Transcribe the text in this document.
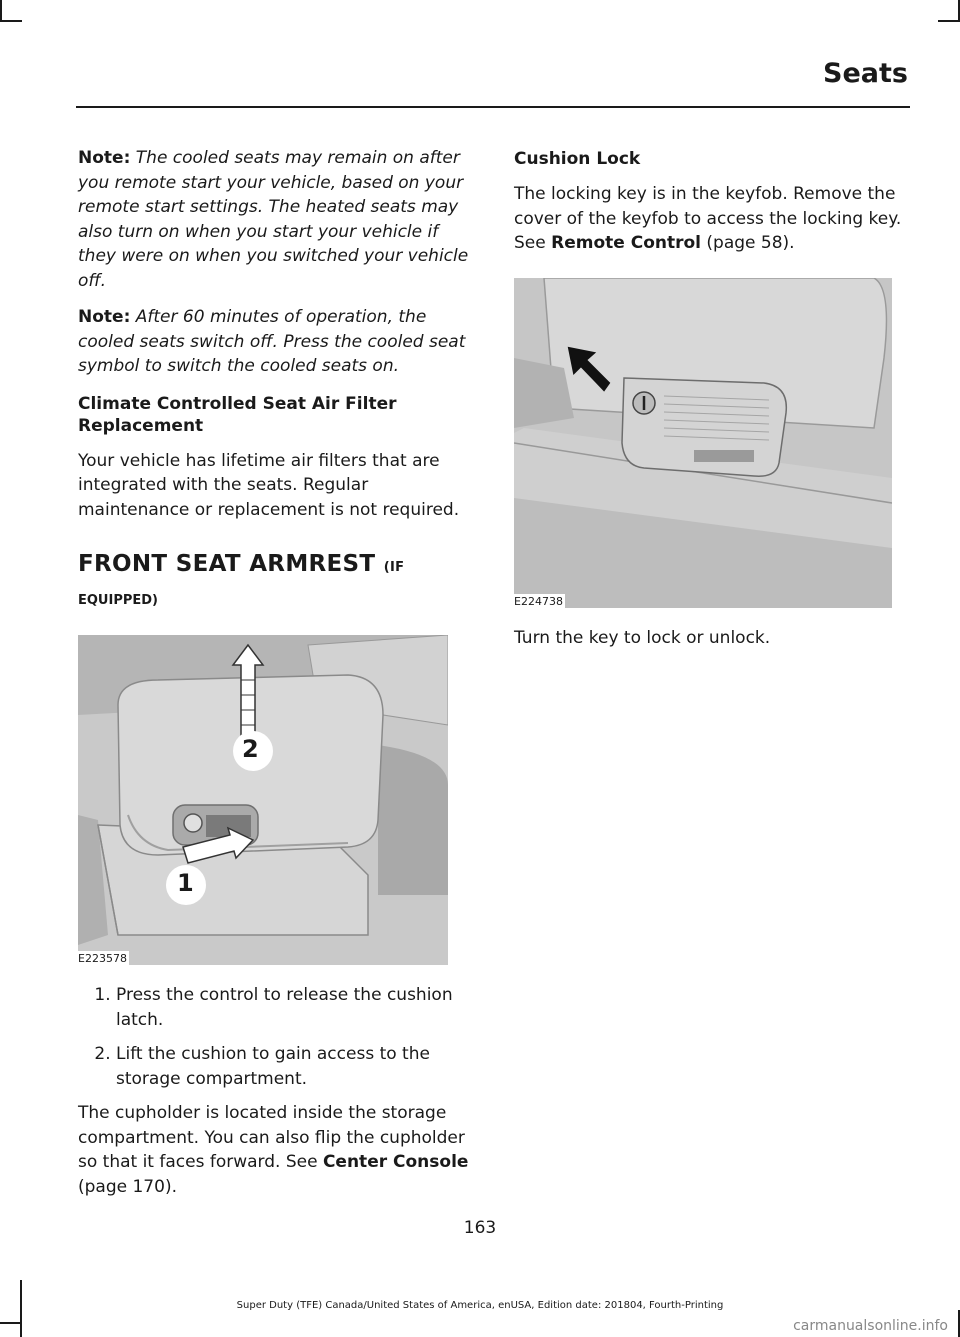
Seats

Note: The cooled seats may remain on after you remote start your vehicle, based on your remote start settings. The heated seats may also turn on when you start your vehicle if they were on when you switched your vehicle off.

Note: After 60 minutes of operation, the cooled seats switch off. Press the cooled seat symbol to switch the cooled seats on.

Climate Controlled Seat Air Filter Replacement

Your vehicle has lifetime air filters that are integrated with the seats. Regular maintenance or replacement is not required.

FRONT SEAT ARMREST (IF
EQUIPPED)
2
1
E223578
1. Press the control to release the cushion latch.
2. Lift the cushion to gain access to the storage compartment.

The cupholder is located inside the storage compartment. You can also flip the cupholder so that it faces forward. See Center Console (page 170).

Cushion Lock

The locking key is in the keyfob. Remove the cover of the keyfob to access the locking key. See Remote Control (page 58).

E224738

Turn the key to lock or unlock.

163
Super Duty (TFE) Canada/United States of America, enUSA, Edition date: 201804, Fourth-Printing
carmanualsonline.info
